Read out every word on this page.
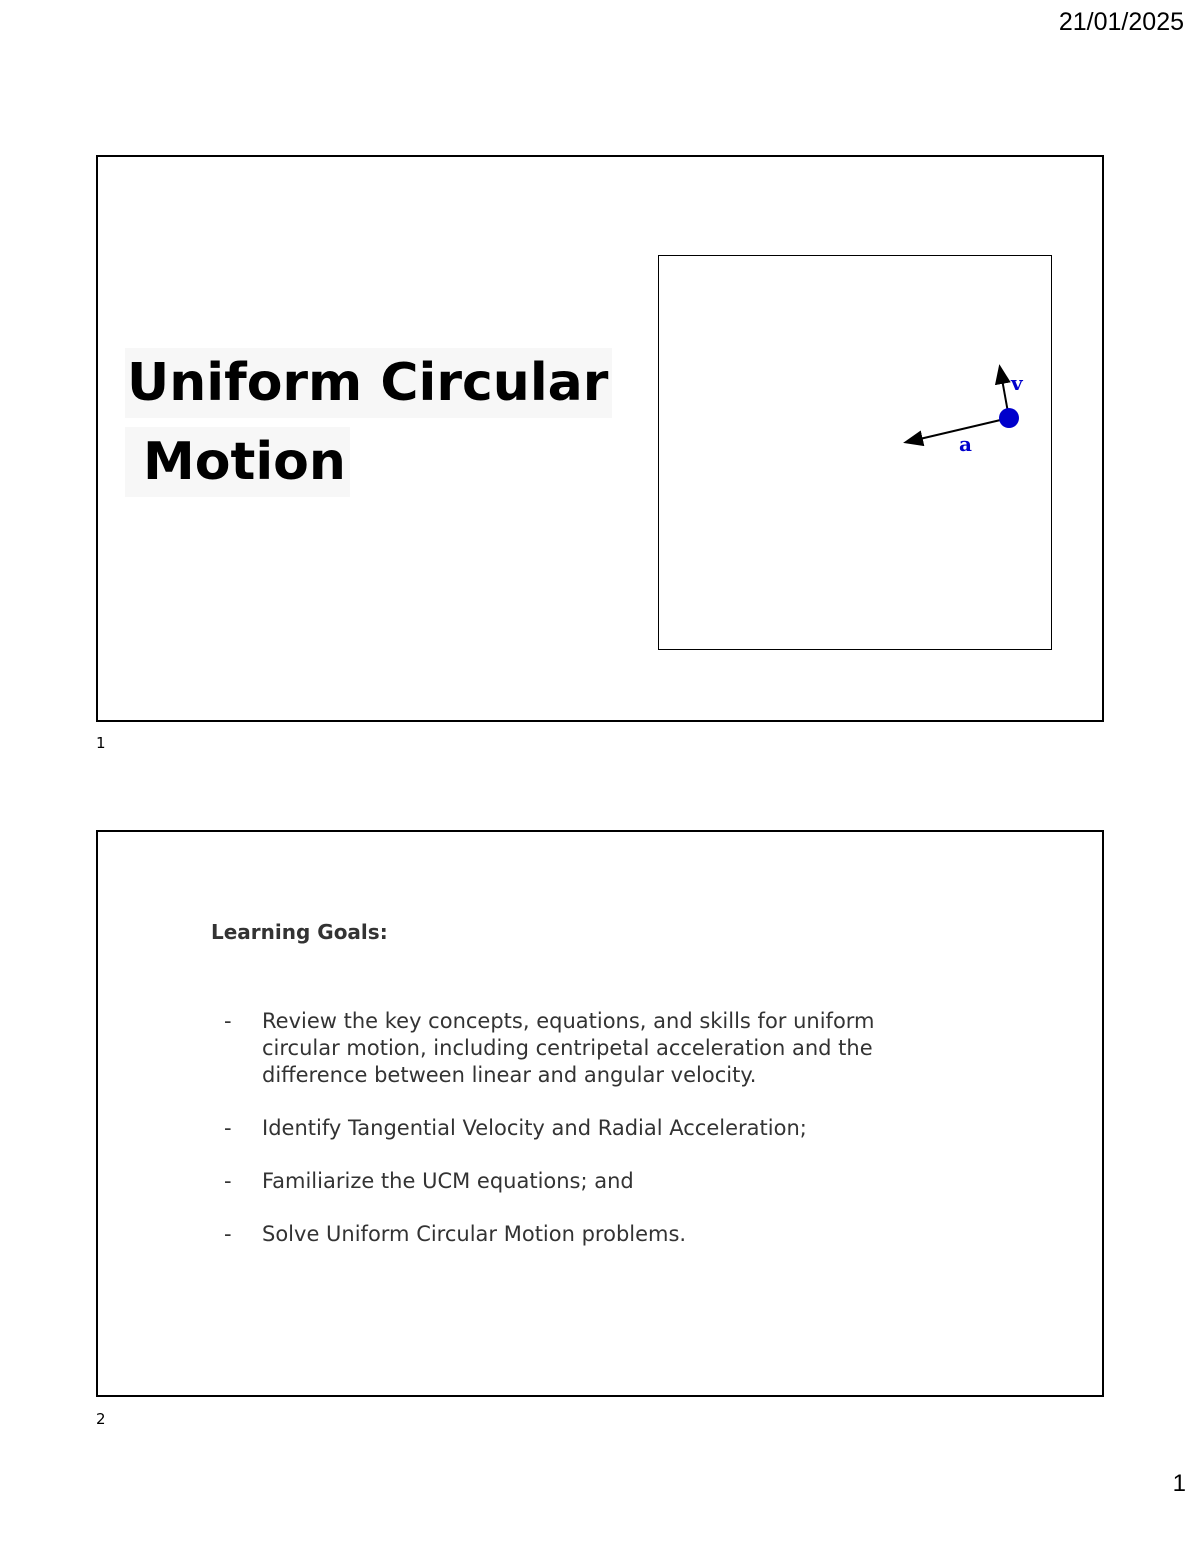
21/01/2025
Uniform Circular
Motion
v
a
1
Learning Goals:
- Review the key concepts, equations, and skills for uniform circular motion, including centripetal acceleration and the difference between linear and angular velocity.
- Identify Tangential Velocity and Radial Acceleration;
- Familiarize the UCM equations; and
- Solve Uniform Circular Motion problems.
2
1
